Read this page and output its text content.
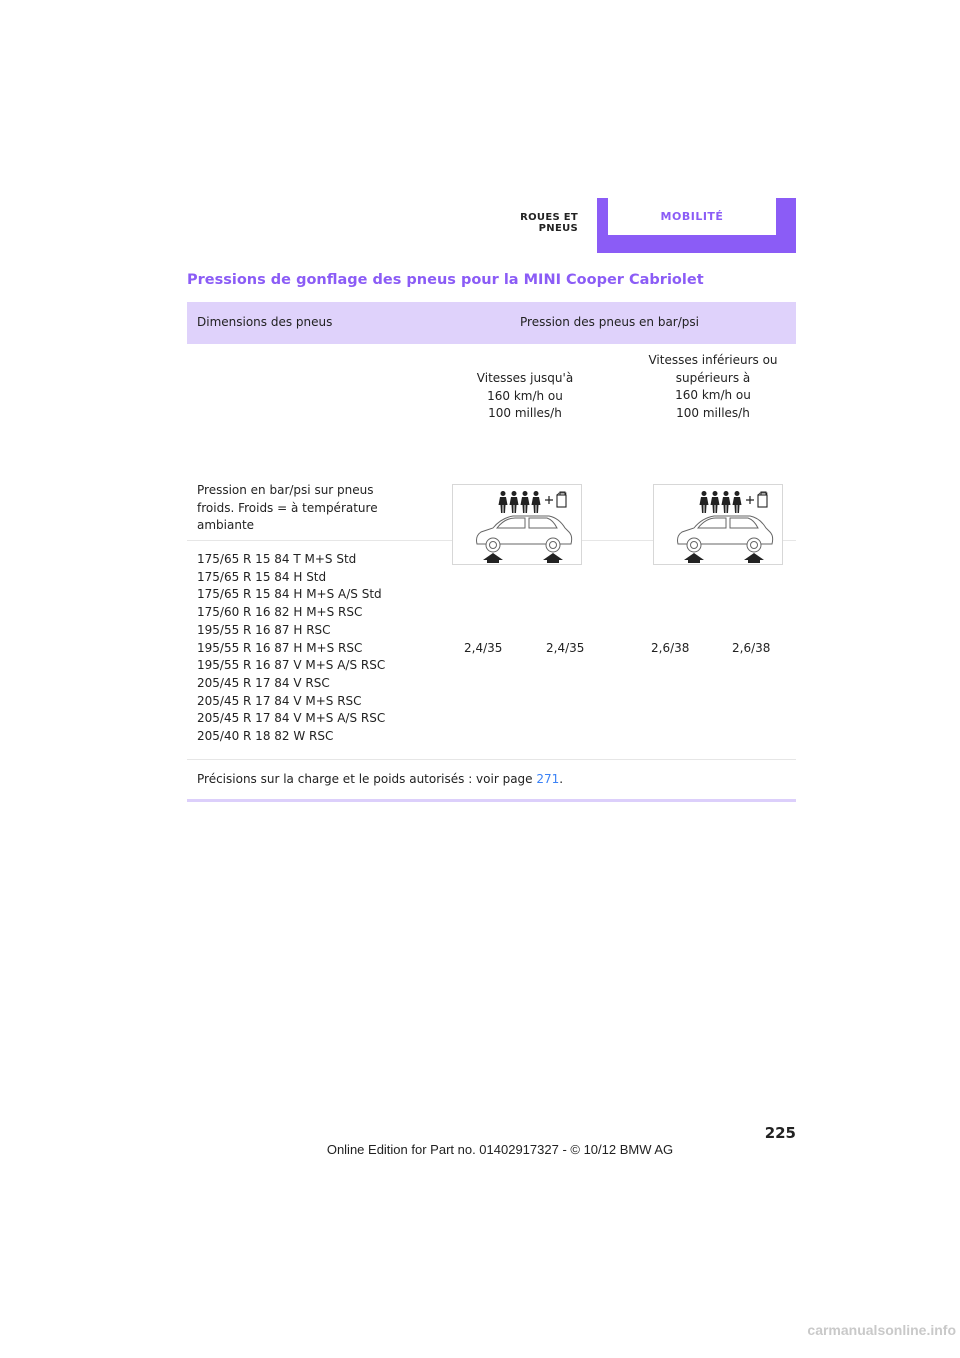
ROUES ET PNEUS
MOBILITÉ
Pressions de gonflage des pneus pour la MINI Cooper Cabriolet
Dimensions des pneus	Pression des pneus en bar/psi
Vitesses jusqu'à
160 km/h ou
100 milles/h
Vitesses inférieurs ou
supérieurs à
160 km/h ou
100 milles/h
Pression en bar/psi sur pneus
froids. Froids = à température
ambiante
175/65 R 15 84 T M+S Std
175/65 R 15 84 H Std
175/65 R 15 84 H M+S A/S Std
175/60 R 16 82 H M+S RSC
195/55 R 16 87 H RSC
195/55 R 16 87 H M+S RSC
195/55 R 16 87 V M+S A/S RSC
205/45 R 17 84 V RSC
205/45 R 17 84 V M+S RSC
205/45 R 17 84 V M+S A/S RSC
205/40 R 18 82 W RSC
2,4/35	2,4/35	2,6/38	2,6/38
Précisions sur la charge et le poids autorisés : voir page 271.
225
Online Edition for Part no. 01402917327 - © 10/12 BMW AG
carmanualsonline.info
